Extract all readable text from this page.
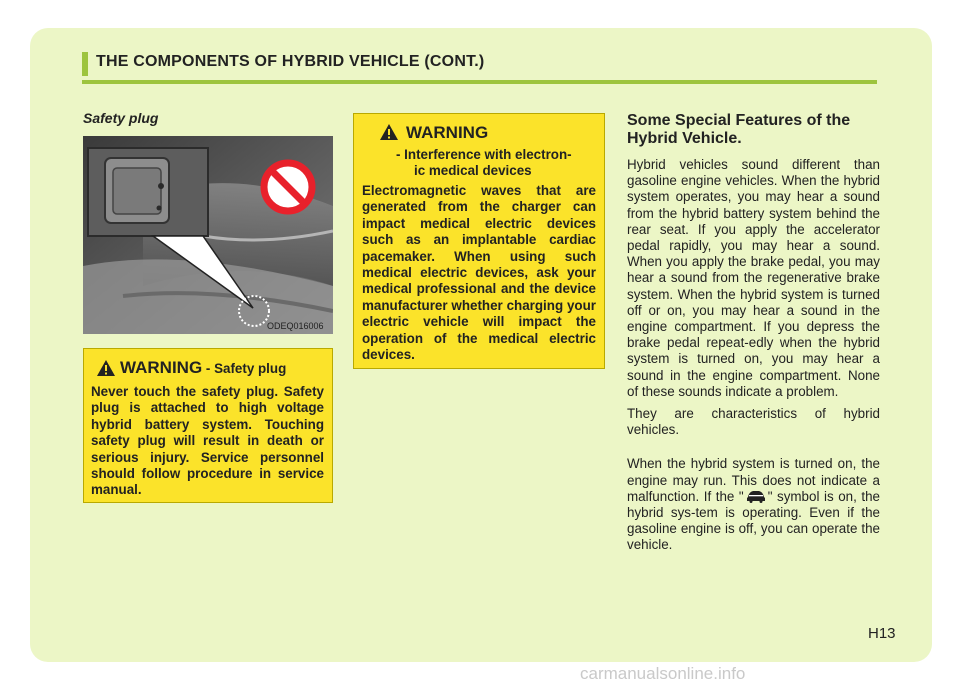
THE COMPONENTS OF HYBRID VEHICLE (CONT.)
Safety plug
ODEQ016006
WARNING - Safety plug
Never touch the safety plug. Safety plug is attached to high voltage hybrid battery system. Touching safety plug will result in death or serious injury. Service personnel should follow procedure in service manual.
WARNING
- Interference with electron-
ic medical devices
Electromagnetic waves that are generated from the charger can impact medical electric devices such as an implantable cardiac pacemaker. When using such medical electric devices, ask your medical professional and the device manufacturer whether charging your electric vehicle will impact the operation of the medical electric devices.

Some Special Features of the Hybrid Vehicle.

Hybrid vehicles sound different than gasoline engine vehicles. When the hybrid system operates, you may hear a sound from the hybrid battery system behind the rear seat. If you apply the accelerator pedal rapidly, you may hear a sound. When you apply the brake pedal, you may hear a sound from the regenerative brake system. When the hybrid system is turned off or on, you may hear a sound in the engine compartment. If you depress the brake pedal repeat-edly when the hybrid system is turned on, you may hear a sound in the engine compartment. None of these sounds indicate a problem.

They are characteristics of hybrid vehicles.

When the hybrid system is turned on, the engine may run. This does not indicate a malfunction. If the " " symbol is on, the hybrid sys-tem is operating. Even if the gasoline engine is off, you can operate the vehicle.

H13
carmanualsonline.info
